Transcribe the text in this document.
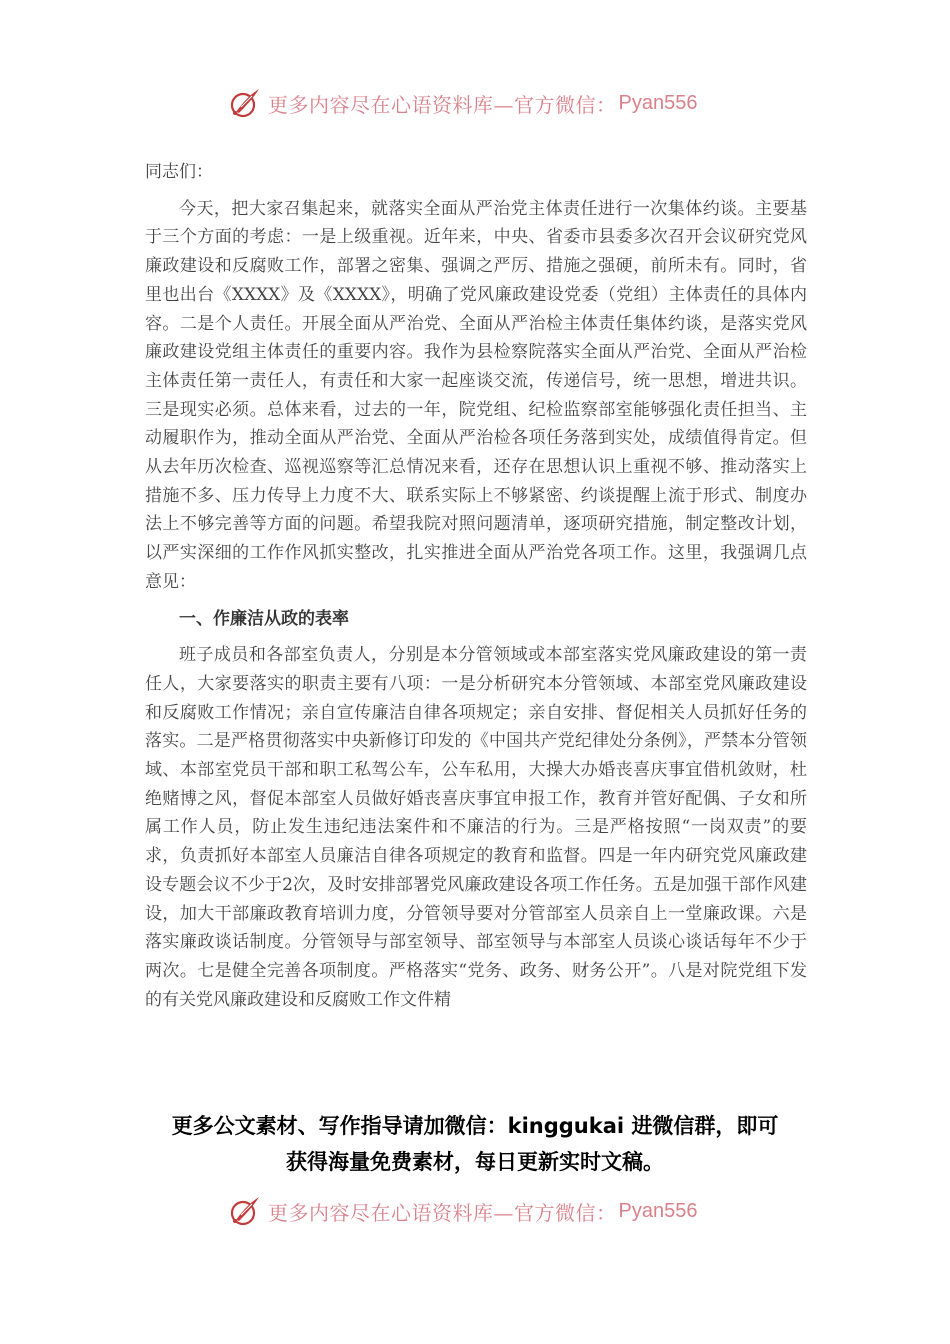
更多内容尽在心语资料库—官方微信： Pyan556

同志们：

今天，把大家召集起来，就落实全面从严治党主体责任进行一次集体约谈。主要基于三个方面的考虑：一是上级重视。近年来，中央、省委市县委多次召开会议研究党风廉政建设和反腐败工作，部署之密集、强调之严厉、措施之强硬，前所未有。同时，省里也出台《XXXX》及《XXXX》，明确了党风廉政建设党委（党组）主体责任的具体内容。二是个人责任。开展全面从严治党、全面从严治检主体责任集体约谈，是落实党风廉政建设党组主体责任的重要内容。我作为县检察院落实全面从严治党、全面从严治检主体责任第一责任人，有责任和大家一起座谈交流，传递信号，统一思想，增进共识。三是现实必须。总体来看，过去的一年，院党组、纪检监察部室能够强化责任担当、主动履职作为，推动全面从严治党、全面从严治检各项任务落到实处，成绩值得肯定。但从去年历次检查、巡视巡察等汇总情况来看，还存在思想认识上重视不够、推动落实上措施不多、压力传导上力度不大、联系实际上不够紧密、约谈提醒上流于形式、制度办法上不够完善等方面的问题。希望我院对照问题清单，逐项研究措施，制定整改计划，以严实深细的工作作风抓实整改，扎实推进全面从严治党各项工作。这里，我强调几点意见：

一、作廉洁从政的表率

班子成员和各部室负责人，分别是本分管领域或本部室落实党风廉政建设的第一责任人，大家要落实的职责主要有八项：一是分析研究本分管领域、本部室党风廉政建设和反腐败工作情况；亲自宣传廉洁自律各项规定；亲自安排、督促相关人员抓好任务的落实。二是严格贯彻落实中央新修订印发的《中国共产党纪律处分条例》，严禁本分管领域、本部室党员干部和职工私驾公车，公车私用，大操大办婚丧喜庆事宜借机敛财，杜绝赌博之风，督促本部室人员做好婚丧喜庆事宜申报工作，教育并管好配偶、子女和所属工作人员，防止发生违纪违法案件和不廉洁的行为。三是严格按照“一岗双责”的要求，负责抓好本部室人员廉洁自律各项规定的教育和监督。四是一年内研究党风廉政建设专题会议不少于2次，及时安排部署党风廉政建设各项工作任务。五是加强干部作风建设，加大干部廉政教育培训力度，分管领导要对分管部室人员亲自上一堂廉政课。六是落实廉政谈话制度。分管领导与部室领导、部室领导与本部室人员谈心谈话每年不少于两次。七是健全完善各项制度。严格落实“党务、政务、财务公开”。八是对院党组下发的有关党风廉政建设和反腐败工作文件精

更多公文素材、写作指导请加微信：kinggukai 进微信群，即可
获得海量免费素材，每日更新实时文稿。
更多内容尽在心语资料库—官方微信： Pyan556
